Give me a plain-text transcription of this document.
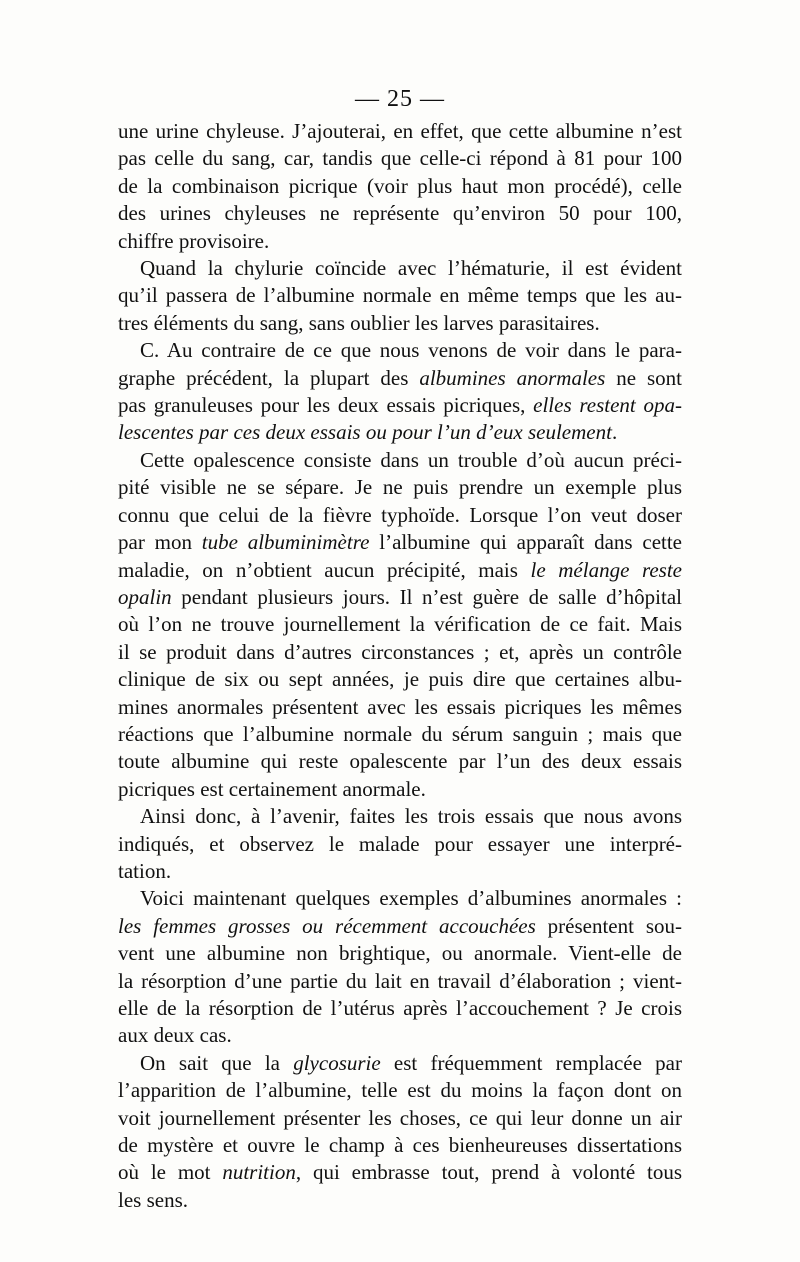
— 25 —

une urine chyleuse. J’ajouterai, en effet, que cette albumine n’est
pas celle du sang, car, tandis que celle-ci répond à 81 pour 100
de la combinaison picrique (voir plus haut mon procédé), celle
des urines chyleuses ne représente qu’environ 50 pour 100,
chiffre provisoire.

Quand la chylurie coïncide avec l’hématurie, il est évident
qu’il passera de l’albumine normale en même temps que les au-
tres éléments du sang, sans oublier les larves parasitaires.

C. Au contraire de ce que nous venons de voir dans le para-
graphe précédent, la plupart des albumines anormales ne sont
pas granuleuses pour les deux essais picriques, elles restent opa-
lescentes par ces deux essais ou pour l’un d’eux seulement.

Cette opalescence consiste dans un trouble d’où aucun préci-
pité visible ne se sépare. Je ne puis prendre un exemple plus
connu que celui de la fièvre typhoïde. Lorsque l’on veut doser
par mon tube albuminimètre l’albumine qui apparaît dans cette
maladie, on n’obtient aucun précipité, mais le mélange reste
opalin pendant plusieurs jours. Il n’est guère de salle d’hôpital
où l’on ne trouve journellement la vérification de ce fait. Mais
il se produit dans d’autres circonstances ; et, après un contrôle
clinique de six ou sept années, je puis dire que certaines albu-
mines anormales présentent avec les essais picriques les mêmes
réactions que l’albumine normale du sérum sanguin ; mais que
toute albumine qui reste opalescente par l’un des deux essais
picriques est certainement anormale.

Ainsi donc, à l’avenir, faites les trois essais que nous avons
indiqués, et observez le malade pour essayer une interpré-
tation.

Voici maintenant quelques exemples d’albumines anormales :
les femmes grosses ou récemment accouchées présentent sou-
vent une albumine non brightique, ou anormale. Vient-elle de
la résorption d’une partie du lait en travail d’élaboration ; vient-
elle de la résorption de l’utérus après l’accouchement ? Je crois
aux deux cas.

On sait que la glycosurie est fréquemment remplacée par
l’apparition de l’albumine, telle est du moins la façon dont on
voit journellement présenter les choses, ce qui leur donne un air
de mystère et ouvre le champ à ces bienheureuses dissertations
où le mot nutrition, qui embrasse tout, prend à volonté tous
les sens.
